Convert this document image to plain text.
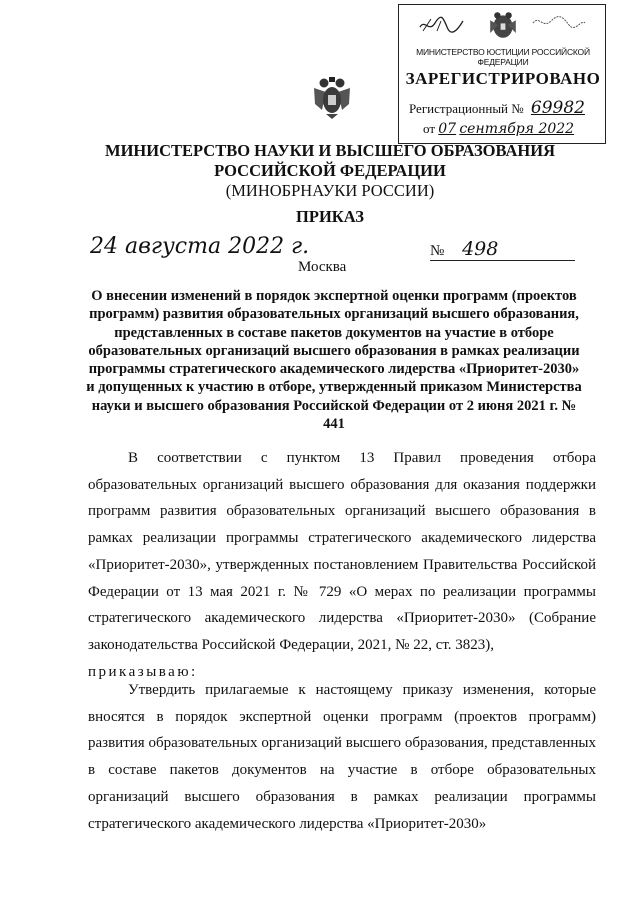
МИНИСТЕРСТВО ЮСТИЦИИ РОССИЙСКОЙ ФЕДЕРАЦИИ
ЗАРЕГИСТРИРОВАНО
Регистрационный № 69982
от 07 сентября 2022
МИНИСТЕРСТВО НАУКИ И ВЫСШЕГО ОБРАЗОВАНИЯ
РОССИЙСКОЙ ФЕДЕРАЦИИ
(МИНОБРНАУКИ РОССИИ)
ПРИКАЗ
24 августа 2022 г.	№ 498
Москва
О внесении изменений в порядок экспертной оценки программ (проектов программ) развития образовательных организаций высшего образования, представленных в составе пакетов документов на участие в отборе образовательных организаций высшего образования в рамках реализации программы стратегического академического лидерства «Приоритет-2030» и допущенных к участию в отборе, утвержденный приказом Министерства науки и высшего образования Российской Федерации от 2 июня 2021 г. № 441
В соответствии с пунктом 13 Правил проведения отбора образовательных организаций высшего образования для оказания поддержки программ развития образовательных организаций высшего образования в рамках реализации программы стратегического академического лидерства «Приоритет-2030», утвержденных постановлением Правительства Российской Федерации от 13 мая 2021 г. № 729 «О мерах по реализации программы стратегического академического лидерства «Приоритет-2030» (Собрание законодательства Российской Федерации, 2021, № 22, ст. 3823),
приказываю:
Утвердить прилагаемые к настоящему приказу изменения, которые вносятся в порядок экспертной оценки программ (проектов программ) развития образовательных организаций высшего образования, представленных в составе пакетов документов на участие в отборе образовательных организаций высшего образования в рамках реализации программы стратегического академического лидерства «Приоритет-2030»
